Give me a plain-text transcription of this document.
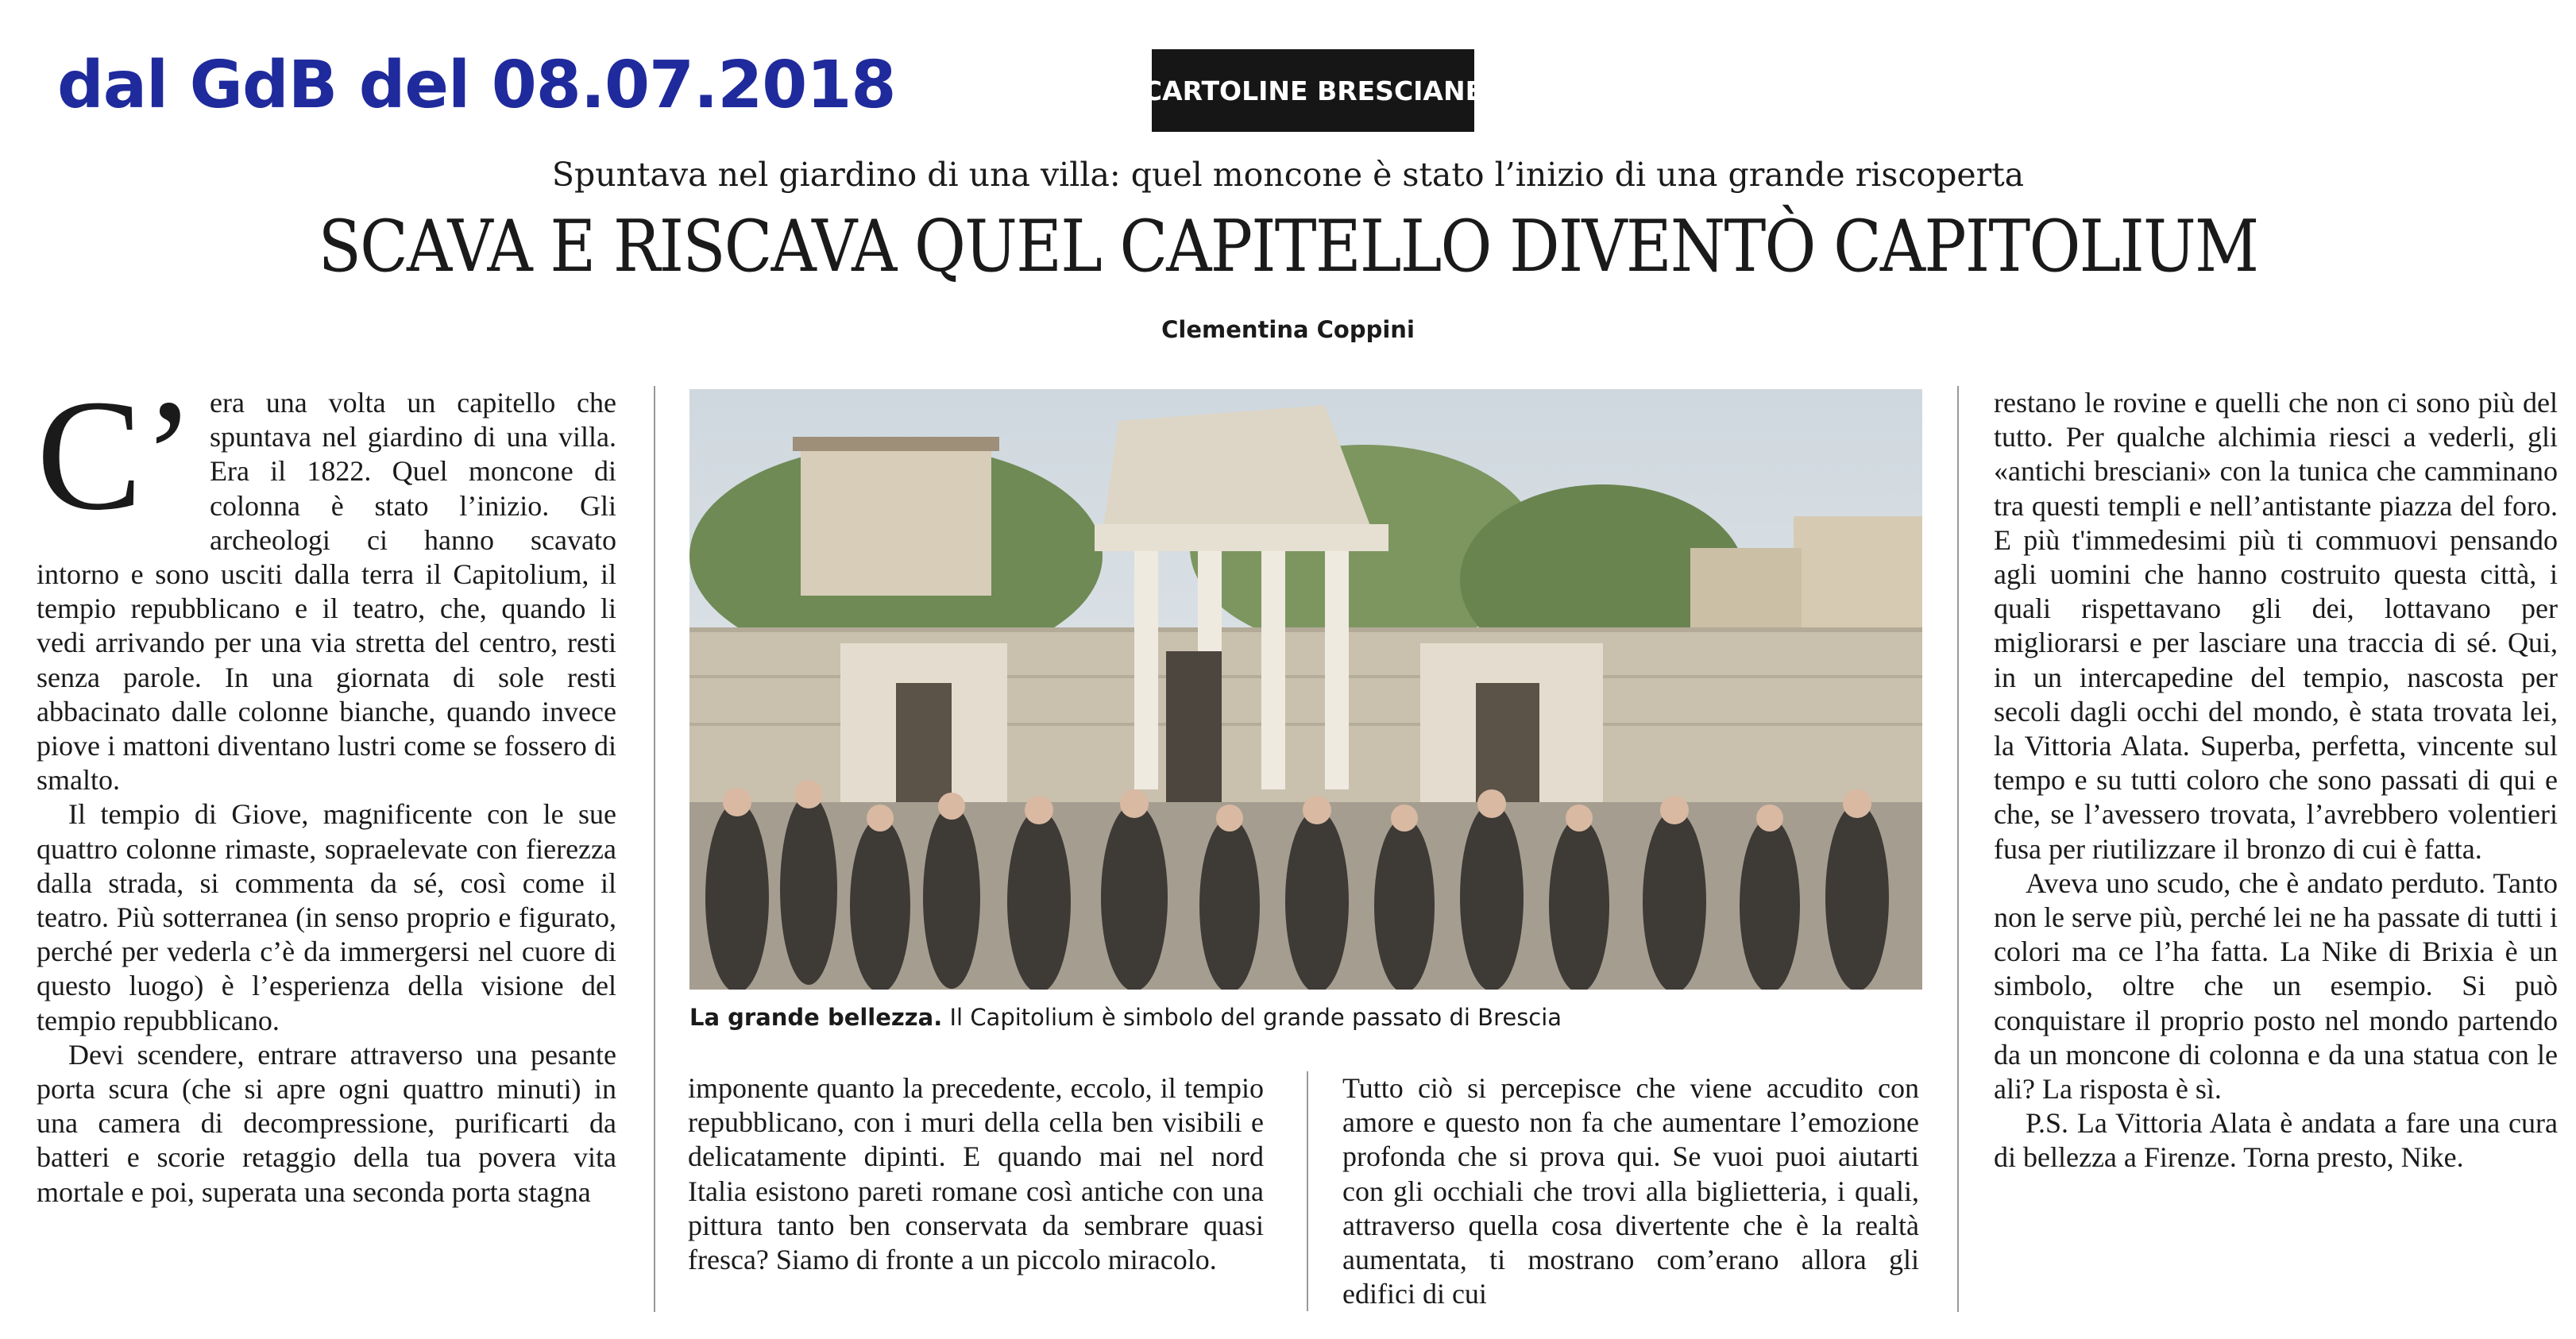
dal GdB del 08.07.2018	CARTOLINE BRESCIANE
Spuntava nel giardino di una villa: quel moncone è stato l’inizio di una grande riscoperta
SCAVA E RISCAVA QUEL CAPITELLO DIVENTÒ CAPITOLIUM
Clementina Coppini
C’ era una volta un capitello che spuntava nel giardino di una villa. Era il 1822. Quel moncone di colonna è stato l’inizio. Gli archeologi ci hanno scavato intorno e sono usciti dalla terra il Capitolium, il tempio repubblicano e il teatro, che, quando li vedi arrivando per una via stretta del centro, resti senza parole. In una giornata di sole resti abbacinato dalle colonne bianche, quando invece piove i mattoni diventano lustri come se fossero di smalto.

Il tempio di Giove, magnificente con le sue quattro colonne rimaste, sopraelevate con fierezza dalla strada, si commenta da sé, così come il teatro. Più sotterranea (in senso proprio e figurato, perché per vederla c’è da immergersi nel cuore di questo luogo) è l’esperienza della visione del tempio repubblicano.

Devi scendere, entrare attraverso una pesante porta scura (che si apre ogni quattro minuti) in una camera di decompressione, purificarti da batteri e scorie retaggio della tua povera vita mortale e poi, superata una seconda porta stagna

La grande bellezza. Il Capitolium è simbolo del grande passato di Brescia

imponente quanto la precedente, eccolo, il tempio repubblicano, con i muri della cella ben visibili e delicatamente dipinti. E quando mai nel nord Italia esistono pareti romane così antiche con una pittura tanto ben conservata da sembrare quasi fresca? Siamo di fronte a un piccolo miracolo.

Tutto ciò si percepisce che viene accudito con amore e questo non fa che aumentare l’emozione profonda che si prova qui. Se vuoi puoi aiutarti con gli occhiali che trovi alla biglietteria, i quali, attraverso quella cosa divertente che è la realtà aumentata, ti mostrano com’erano allora gli edifici di cui

restano le rovine e quelli che non ci sono più del tutto. Per qualche alchimia riesci a vederli, gli «antichi bresciani» con la tunica che camminano tra questi templi e nell’antistante piazza del foro. E più t'immedesimi più ti commuovi pensando agli uomini che hanno costruito questa città, i quali rispettavano gli dei, lottavano per migliorarsi e per lasciare una traccia di sé. Qui, in un intercapedine del tempio, nascosta per secoli dagli occhi del mondo, è stata trovata lei, la Vittoria Alata. Superba, perfetta, vincente sul tempo e su tutti coloro che sono passati di qui e che, se l’avessero trovata, l’avrebbero volentieri fusa per riutilizzare il bronzo di cui è fatta.

Aveva uno scudo, che è andato perduto. Tanto non le serve più, perché lei ne ha passate di tutti i colori ma ce l’ha fatta. La Nike di Brixia è un simbolo, oltre che un esempio. Si può conquistare il proprio posto nel mondo partendo da un moncone di colonna e da una statua con le ali? La risposta è sì.

P.S. La Vittoria Alata è andata a fare una cura di bellezza a Firenze. Torna presto, Nike.
